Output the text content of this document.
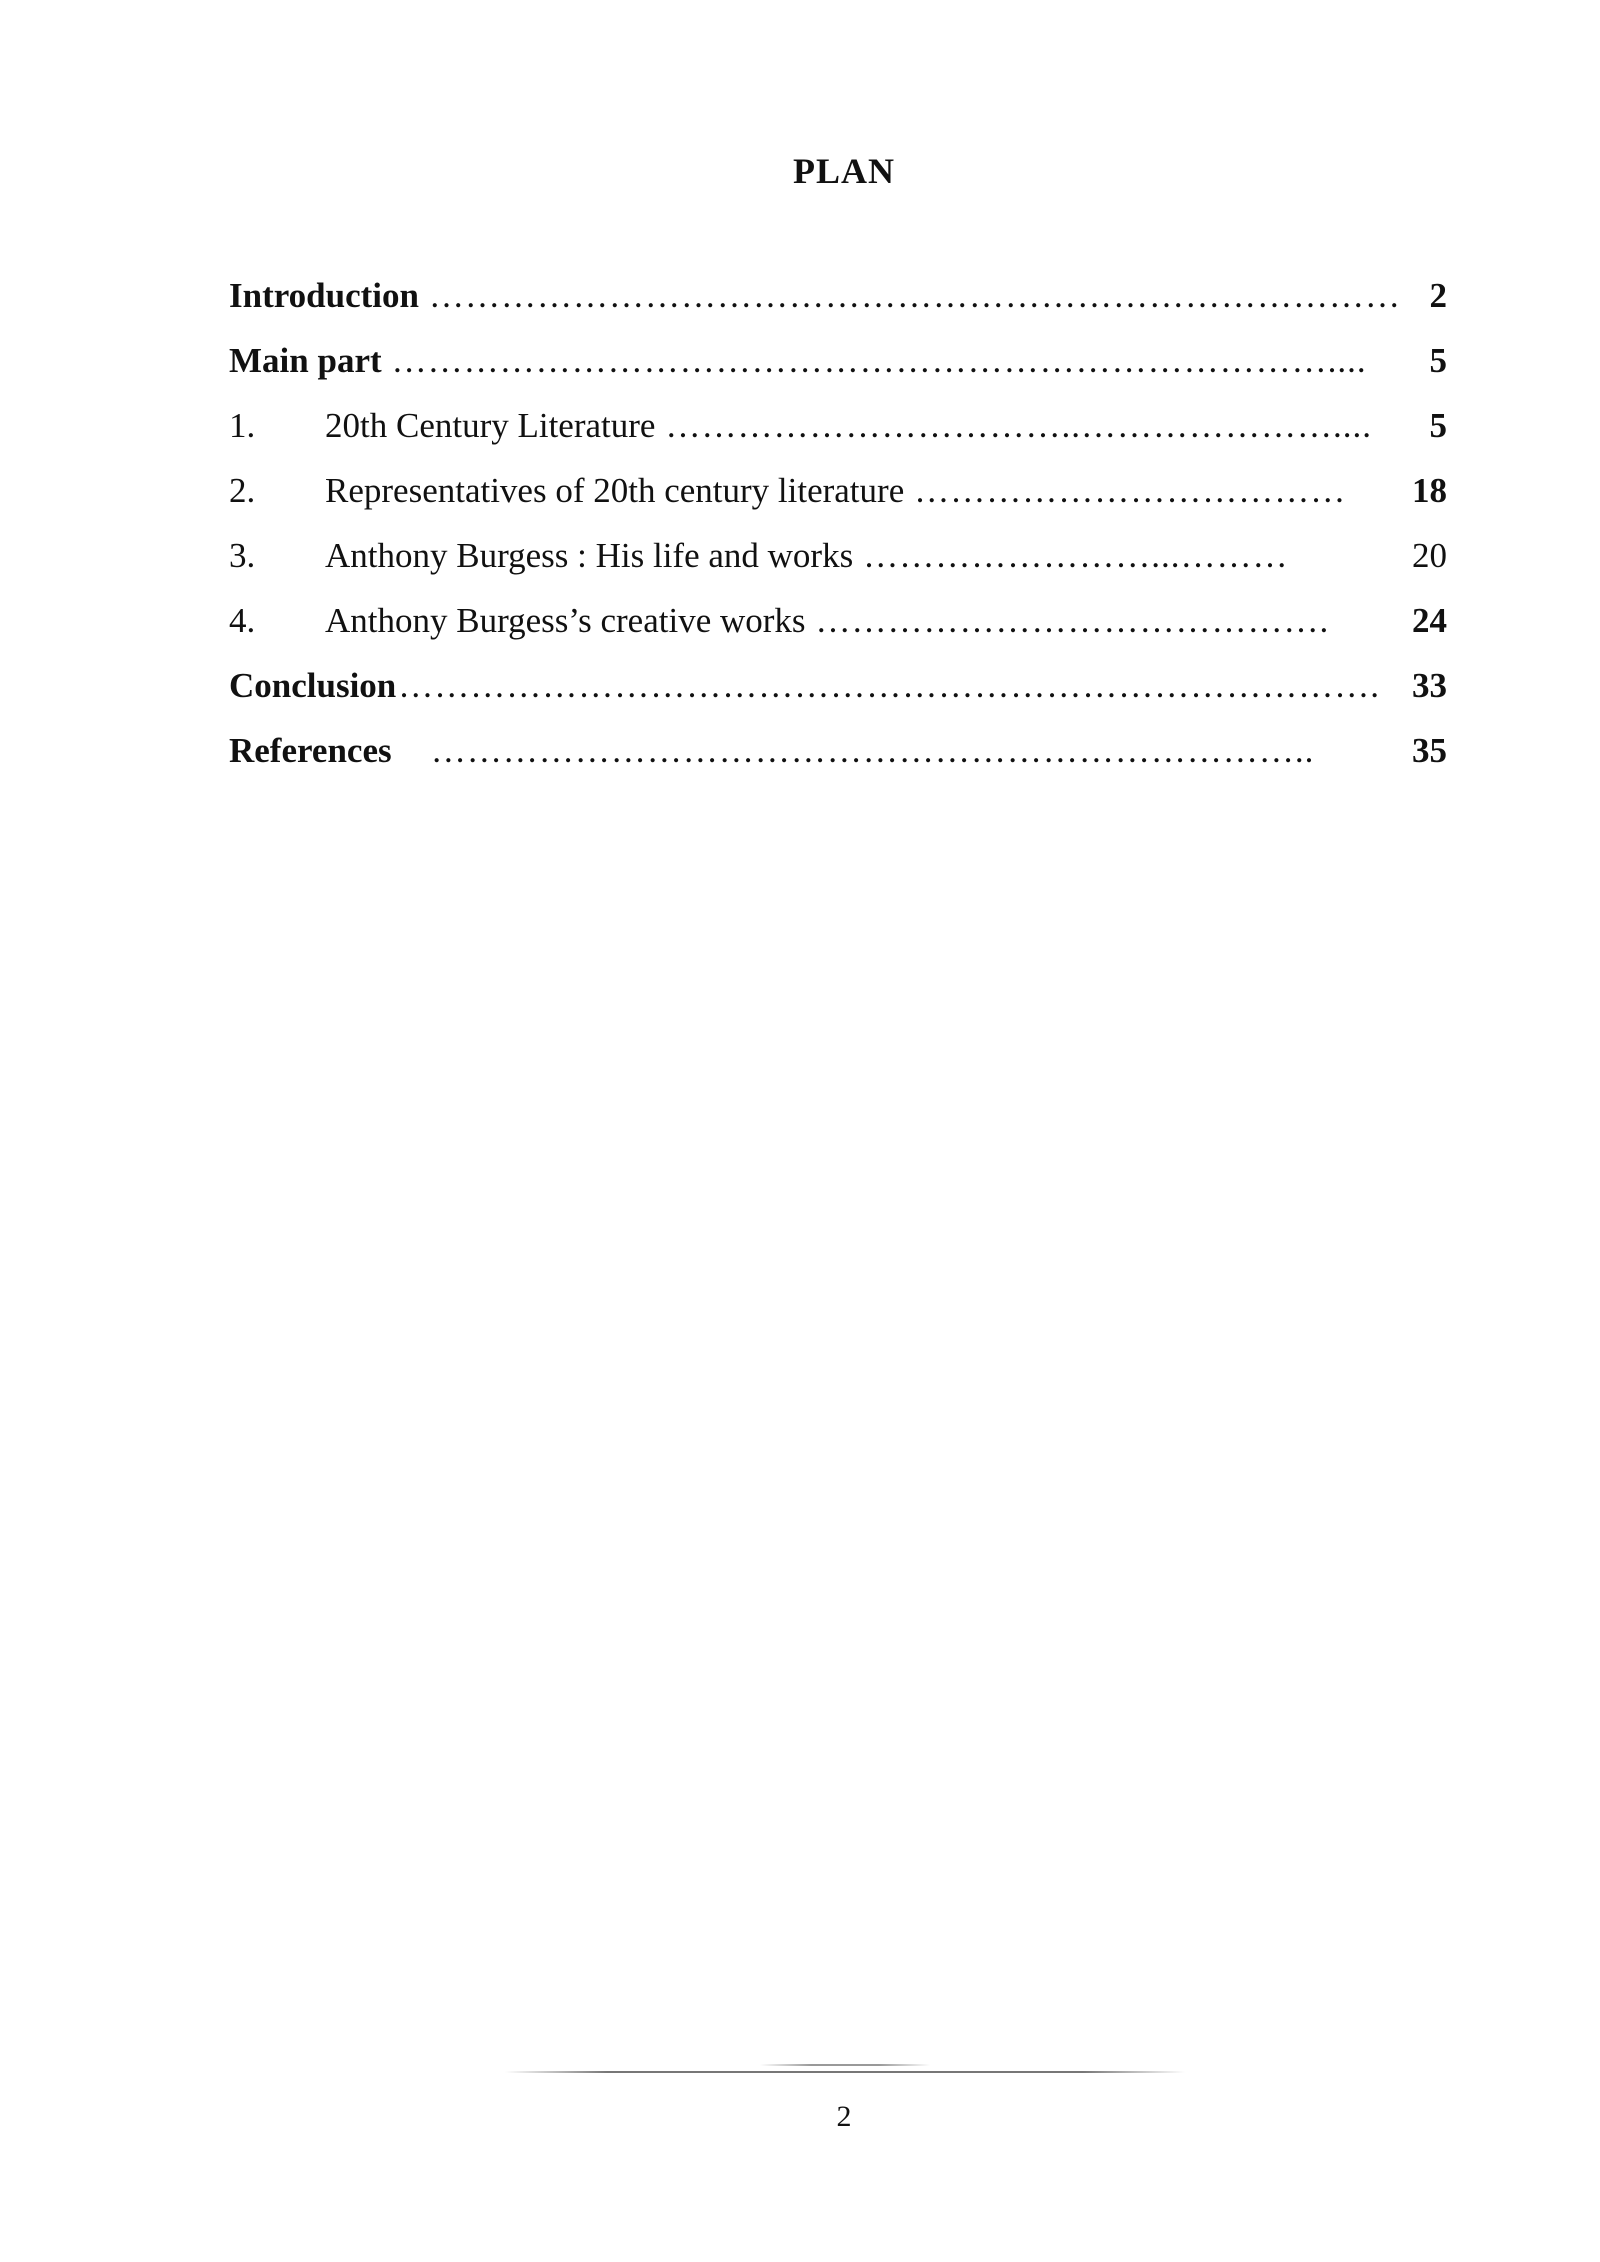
PLAN
Introduction ……………………………………………………………………… 2
Main part ……………………………………………………………………....	5
1.	20th Century Literature ……………………………..…………………....	5
2.	Representatives of 20th century literature ………………………………	18
3.	Anthony Burgess : His life and works ……………………...………	20
4.	Anthony Burgess’s creative works …………………………………….	24
Conclusion ………………………………………………………………………. 33
References ………………………………………………………………..	35
2
